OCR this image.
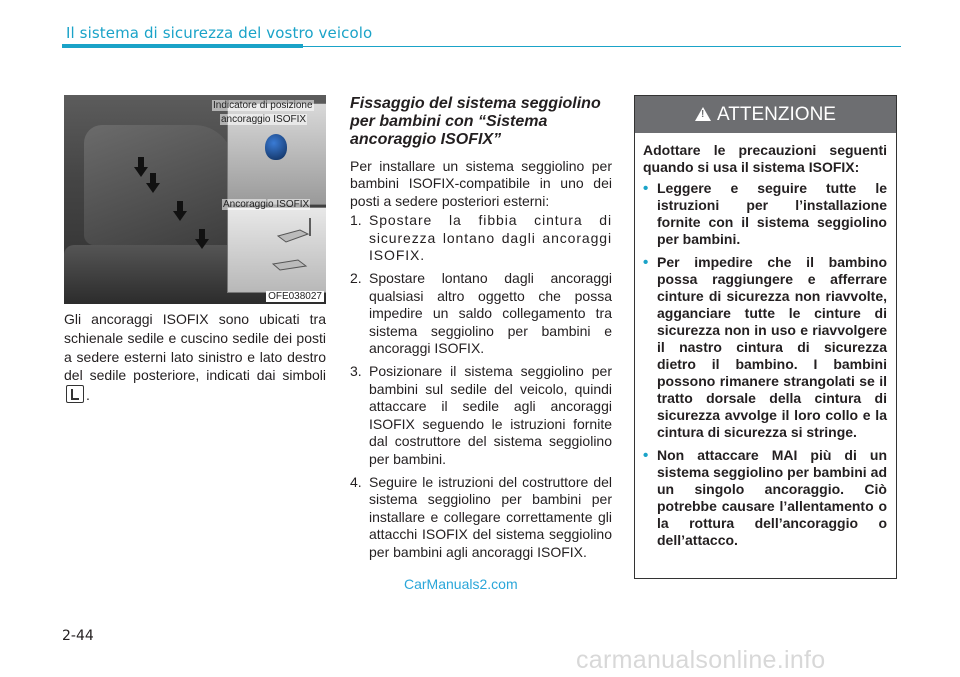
Il sistema di sicurezza del vostro veicolo
Indicatore di posizione
ancoraggio ISOFIX
Ancoraggio ISOFIX
OFE038027

Gli ancoraggi ISOFIX sono ubicati tra schienale sedile e cuscino sedile dei posti a sedere esterni lato sinistro e lato destro del sedile posteriore, indicati dai simboli .

Fissaggio del sistema seggiolino per bambini con “Sistema ancoraggio ISOFIX”

Per installare un sistema seggiolino per bambini ISOFIX-compatibile in uno dei posti a sedere posteriori esterni:

1. Spostare la fibbia cintura di sicurezza lontano dagli ancoraggi ISOFIX.
2. Spostare lontano dagli ancoraggi qualsiasi altro oggetto che possa impedire un saldo collegamento tra sistema seggiolino per bambini e ancoraggi ISOFIX.
3. Posizionare il sistema seggiolino per bambini sul sedile del veicolo, quindi attaccare il sedile agli ancoraggi ISOFIX seguendo le istruzioni fornite dal costruttore del sistema seggiolino per bambini.
4. Seguire le istruzioni del costruttore del sistema seggiolino per bambini per installare e collegare correttamente gli attacchi ISOFIX del sistema seggiolino per bambini agli ancoraggi ISOFIX.
!
ATTENZIONE

Adottare le precauzioni seguenti quando si usa il sistema ISOFIX:

• Leggere e seguire tutte le istruzioni per l’installazione fornite con il sistema seggiolino per bambini.
• Per impedire che il bambino possa raggiungere e afferrare cinture di sicurezza non riavvolte, agganciare tutte le cinture di sicurezza non in uso e riavvolgere il nastro cintura di sicurezza dietro il bambino. I bambini possono rimanere strangolati se il tratto dorsale della cintura di sicurezza avvolge il loro collo e la cintura di sicurezza si stringe.
• Non attaccare MAI più di un sistema seggiolino per bambini ad un singolo ancoraggio. Ciò potrebbe causare l’allentamento o la rottura dell’ancoraggio o dell’attacco.
2-44
CarManuals2.com
carmanualsonline.info
